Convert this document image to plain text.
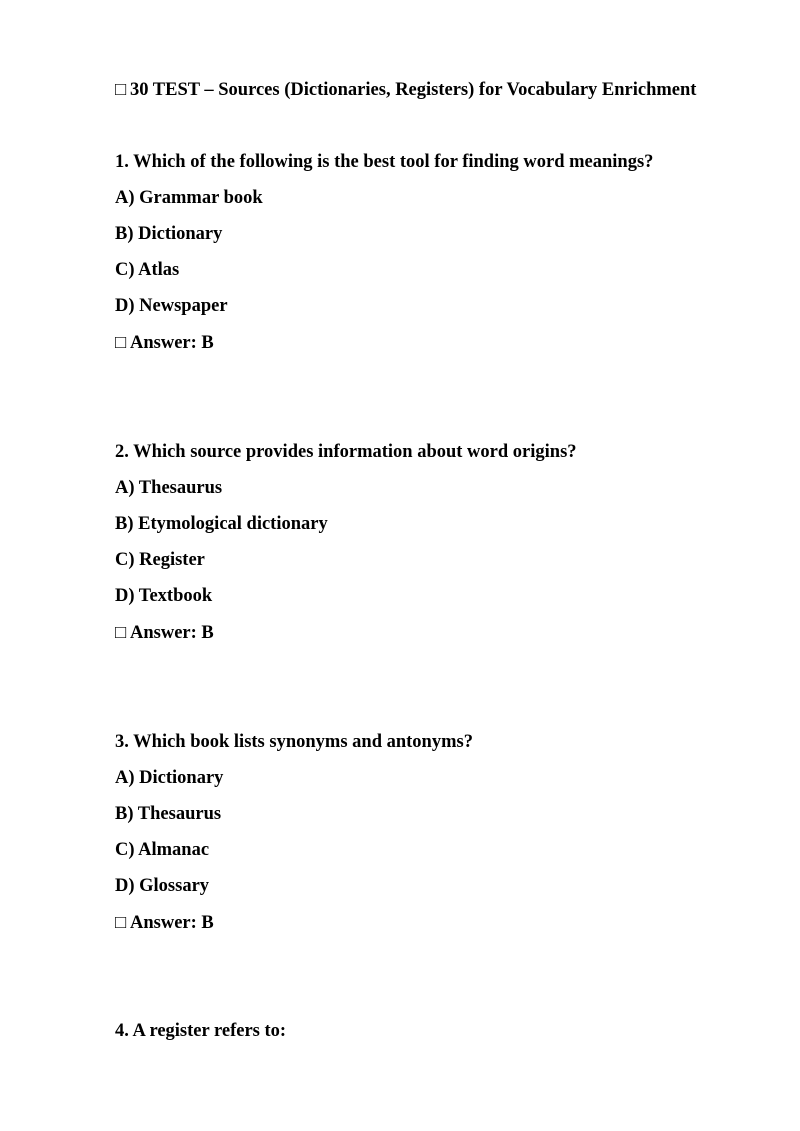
□ 30 TEST – Sources (Dictionaries, Registers) for Vocabulary Enrichment

1. Which of the following is the best tool for finding word meanings?

A) Grammar book

B) Dictionary

C) Atlas

D) Newspaper

□ Answer: B

2. Which source provides information about word origins?

A) Thesaurus

B) Etymological dictionary

C) Register

D) Textbook

□ Answer: B

3. Which book lists synonyms and antonyms?

A) Dictionary

B) Thesaurus

C) Almanac

D) Glossary

□ Answer: B

4. A register refers to:
